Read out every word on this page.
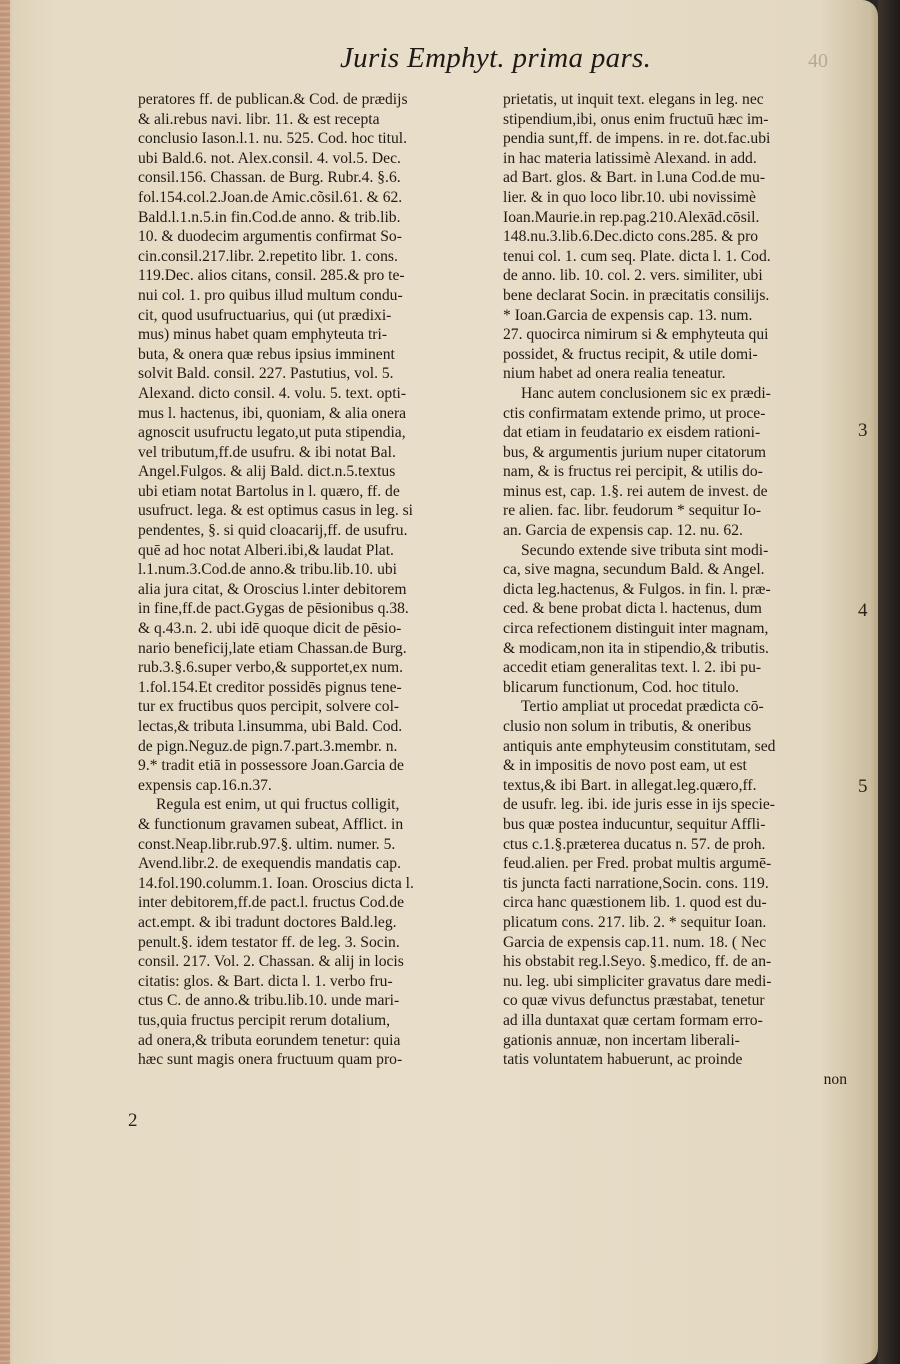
Juris Emphyt. prima pars.	40
peratores ff. de publican.& Cod. de prædijs
& ali.rebus navi. libr. 11. & est recepta
conclusio Iason.l.1. nu. 525. Cod. hoc titul.
ubi Bald.6. not. Alex.consil. 4. vol.5. Dec.
consil.156. Chassan. de Burg. Rubr.4. §.6.
fol.154.col.2.Joan.de Amic.cõsil.61. & 62.
Bald.l.1.n.5.in fin.Cod.de anno. & trib.lib.
10. & duodecim argumentis confirmat So-
cin.consil.217.libr. 2.repetito libr. 1. cons.
119.Dec. alios citans, consil. 285.& pro te-
nui col. 1. pro quibus illud multum condu-
cit, quod usufructuarius, qui (ut prædixi-
mus) minus habet quam emphyteuta tri-
buta, & onera quæ rebus ipsius imminent
solvit Bald. consil. 227. Pastutius, vol. 5.
Alexand. dicto consil. 4. volu. 5. text. opti-
mus l. hactenus, ibi, quoniam, & alia onera
agnoscit usufructu legato,ut puta stipendia,
vel tributum,ff.de usufru. & ibi notat Bal.
Angel.Fulgos. & alij Bald. dict.n.5.textus
ubi etiam notat Bartolus in l. quæro, ff. de
usufruct. lega. & est optimus casus in leg. si
pendentes, §. si quid cloacarij,ff. de usufru.
quē ad hoc notat Alberi.ibi,& laudat Plat.
l.1.num.3.Cod.de anno.& tribu.lib.10. ubi
alia jura citat, & Oroscius l.inter debitorem
in fine,ff.de pact.Gygas de pēsionibus q.38.
& q.43.n. 2. ubi idē quoque dicit de pēsio-
nario beneficij,late etiam Chassan.de Burg.
rub.3.§.6.super verbo,& supportet,ex num.
1.fol.154.Et creditor possidēs pignus tene-
tur ex fructibus quos percipit, solvere col-
lectas,& tributa l.insumma, ubi Bald. Cod.
de pign.Neguz.de pign.7.part.3.membr. n.
9.* tradit etiā in possessore Joan.Garcia de
expensis cap.16.n.37.
Regula est enim, ut qui fructus colligit,
& functionum gravamen subeat, Afflict. in
const.Neap.libr.rub.97.§. ultim. numer. 5.
Avend.libr.2. de exequendis mandatis cap.
14.fol.190.columm.1. Ioan. Oroscius dicta l.
inter debitorem,ff.de pact.l. fructus Cod.de
act.empt. & ibi tradunt doctores Bald.leg.
penult.§. idem testator ff. de leg. 3. Socin.
consil. 217. Vol. 2. Chassan. & alij in locis
citatis: glos. & Bart. dicta l. 1. verbo fru-
ctus C. de anno.& tribu.lib.10. unde mari-
tus,quia fructus percipit rerum dotalium,
ad onera,& tributa eorundem tenetur: quia
hæc sunt magis onera fructuum quam pro-
prietatis, ut inquit text. elegans in leg. nec
stipendium,ibi, onus enim fructuū hæc im-
pendia sunt,ff. de impens. in re. dot.fac.ubi
in hac materia latissimè Alexand. in add.
ad Bart. glos. & Bart. in l.una Cod.de mu-
lier. & in quo loco libr.10. ubi novissimè
Ioan.Maurie.in rep.pag.210.Alexād.cōsil.
148.nu.3.lib.6.Dec.dicto cons.285. & pro
tenui col. 1. cum seq. Plate. dicta l. 1. Cod.
de anno. lib. 10. col. 2. vers. similiter, ubi
bene declarat Socin. in præcitatis consilijs.
* Ioan.Garcia de expensis cap. 13. num.
27. quocirca nimirum si & emphyteuta qui
possidet, & fructus recipit, & utile domi-
nium habet ad onera realia teneatur.
Hanc autem conclusionem sic ex prædi-
ctis confirmatam extende primo, ut proce-
dat etiam in feudatario ex eisdem rationi-
bus, & argumentis jurium nuper citatorum
nam, & is fructus rei percipit, & utilis do-
minus est, cap. 1.§. rei autem de invest. de
re alien. fac. libr. feudorum * sequitur Io-
an. Garcia de expensis cap. 12. nu. 62.
Secundo extende sive tributa sint modi-
ca, sive magna, secundum Bald. & Angel.
dicta leg.hactenus, & Fulgos. in fin. l. præ-
ced. & bene probat dicta l. hactenus, dum
circa refectionem distinguit inter magnam,
& modicam,non ita in stipendio,& tributis.
accedit etiam generalitas text. l. 2. ibi pu-
blicarum functionum, Cod. hoc titulo.
Tertio ampliat ut procedat prædicta cō-
clusio non solum in tributis, & oneribus
antiquis ante emphyteusim constitutam, sed
& in impositis de novo post eam, ut est
textus,& ibi Bart. in allegat.leg.quæro,ff.
de usufr. leg. ibi. ide juris esse in ijs specie-
bus quæ postea inducuntur, sequitur Affli-
ctus c.1.§.præterea ducatus n. 57. de proh.
feud.alien. per Fred. probat multis argumē-
tis juncta facti narratione,Socin. cons. 119.
circa hanc quæstionem lib. 1. quod est du-
plicatum cons. 217. lib. 2. * sequitur Ioan.
Garcia de expensis cap.11. num. 18. ( Nec
his obstabit reg.l.Seyo. §.medico, ff. de an-
nu. leg. ubi simpliciter gravatus dare medi-
co quæ vivus defunctus præstabat, tenetur
ad illa duntaxat quæ certam formam erro-
gationis annuæ, non incertam liberali-
tatis voluntatem habuerunt, ac proinde
non
3
4
5
2
